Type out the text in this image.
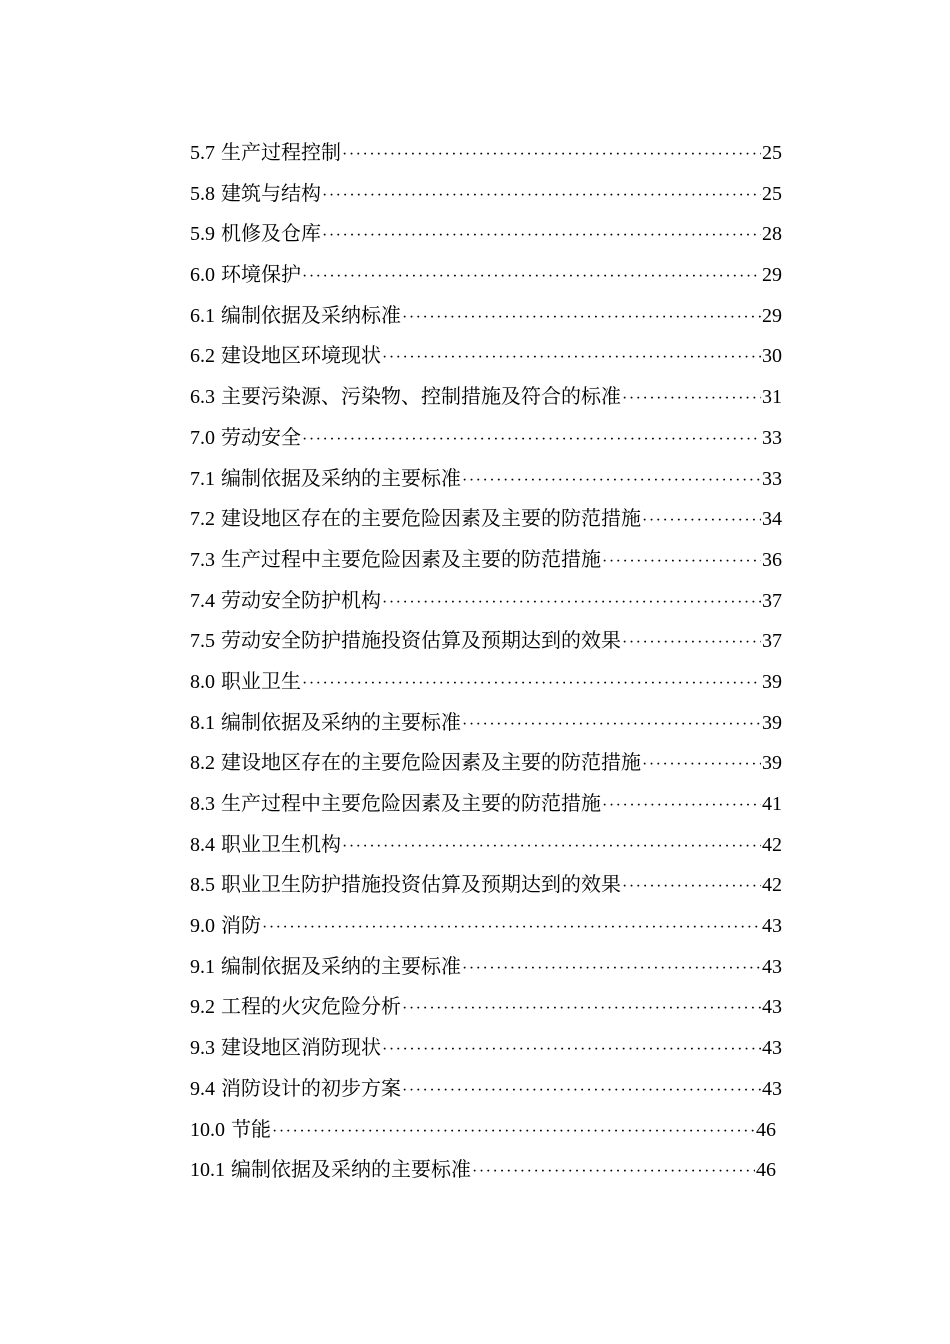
5.7 生产过程控制 ·····	25
5.8 建筑与结构 ·····	25
5.9 机修及仓库 ·····	28
6.0 环境保护 ·····	29
6.1 编制依据及采纳标准 ·····	29
6.2 建设地区环境现状 ·····	30
6.3 主要污染源、污染物、控制措施及符合的标准 ·····	31
7.0 劳动安全 ·····	33
7.1 编制依据及采纳的主要标准 ·····	33
7.2 建设地区存在的主要危险因素及主要的防范措施 ·····	34
7.3 生产过程中主要危险因素及主要的防范措施 ·····	36
7.4 劳动安全防护机构 ·····	37
7.5 劳动安全防护措施投资估算及预期达到的效果 ·····	37
8.0 职业卫生 ·····	39
8.1 编制依据及采纳的主要标准 ·····	39
8.2 建设地区存在的主要危险因素及主要的防范措施 ·····	39
8.3 生产过程中主要危险因素及主要的防范措施 ·····	41
8.4 职业卫生机构 ·····	42
8.5 职业卫生防护措施投资估算及预期达到的效果 ·····	42
9.0 消防 ·····	43
9.1 编制依据及采纳的主要标准 ·····	43
9.2 工程的火灾危险分析 ·····	43
9.3 建设地区消防现状 ·····	43
9.4 消防设计的初步方案 ·····	43
10.0 节能 ·····	46
10.1 编制依据及采纳的主要标准 ·····	46
